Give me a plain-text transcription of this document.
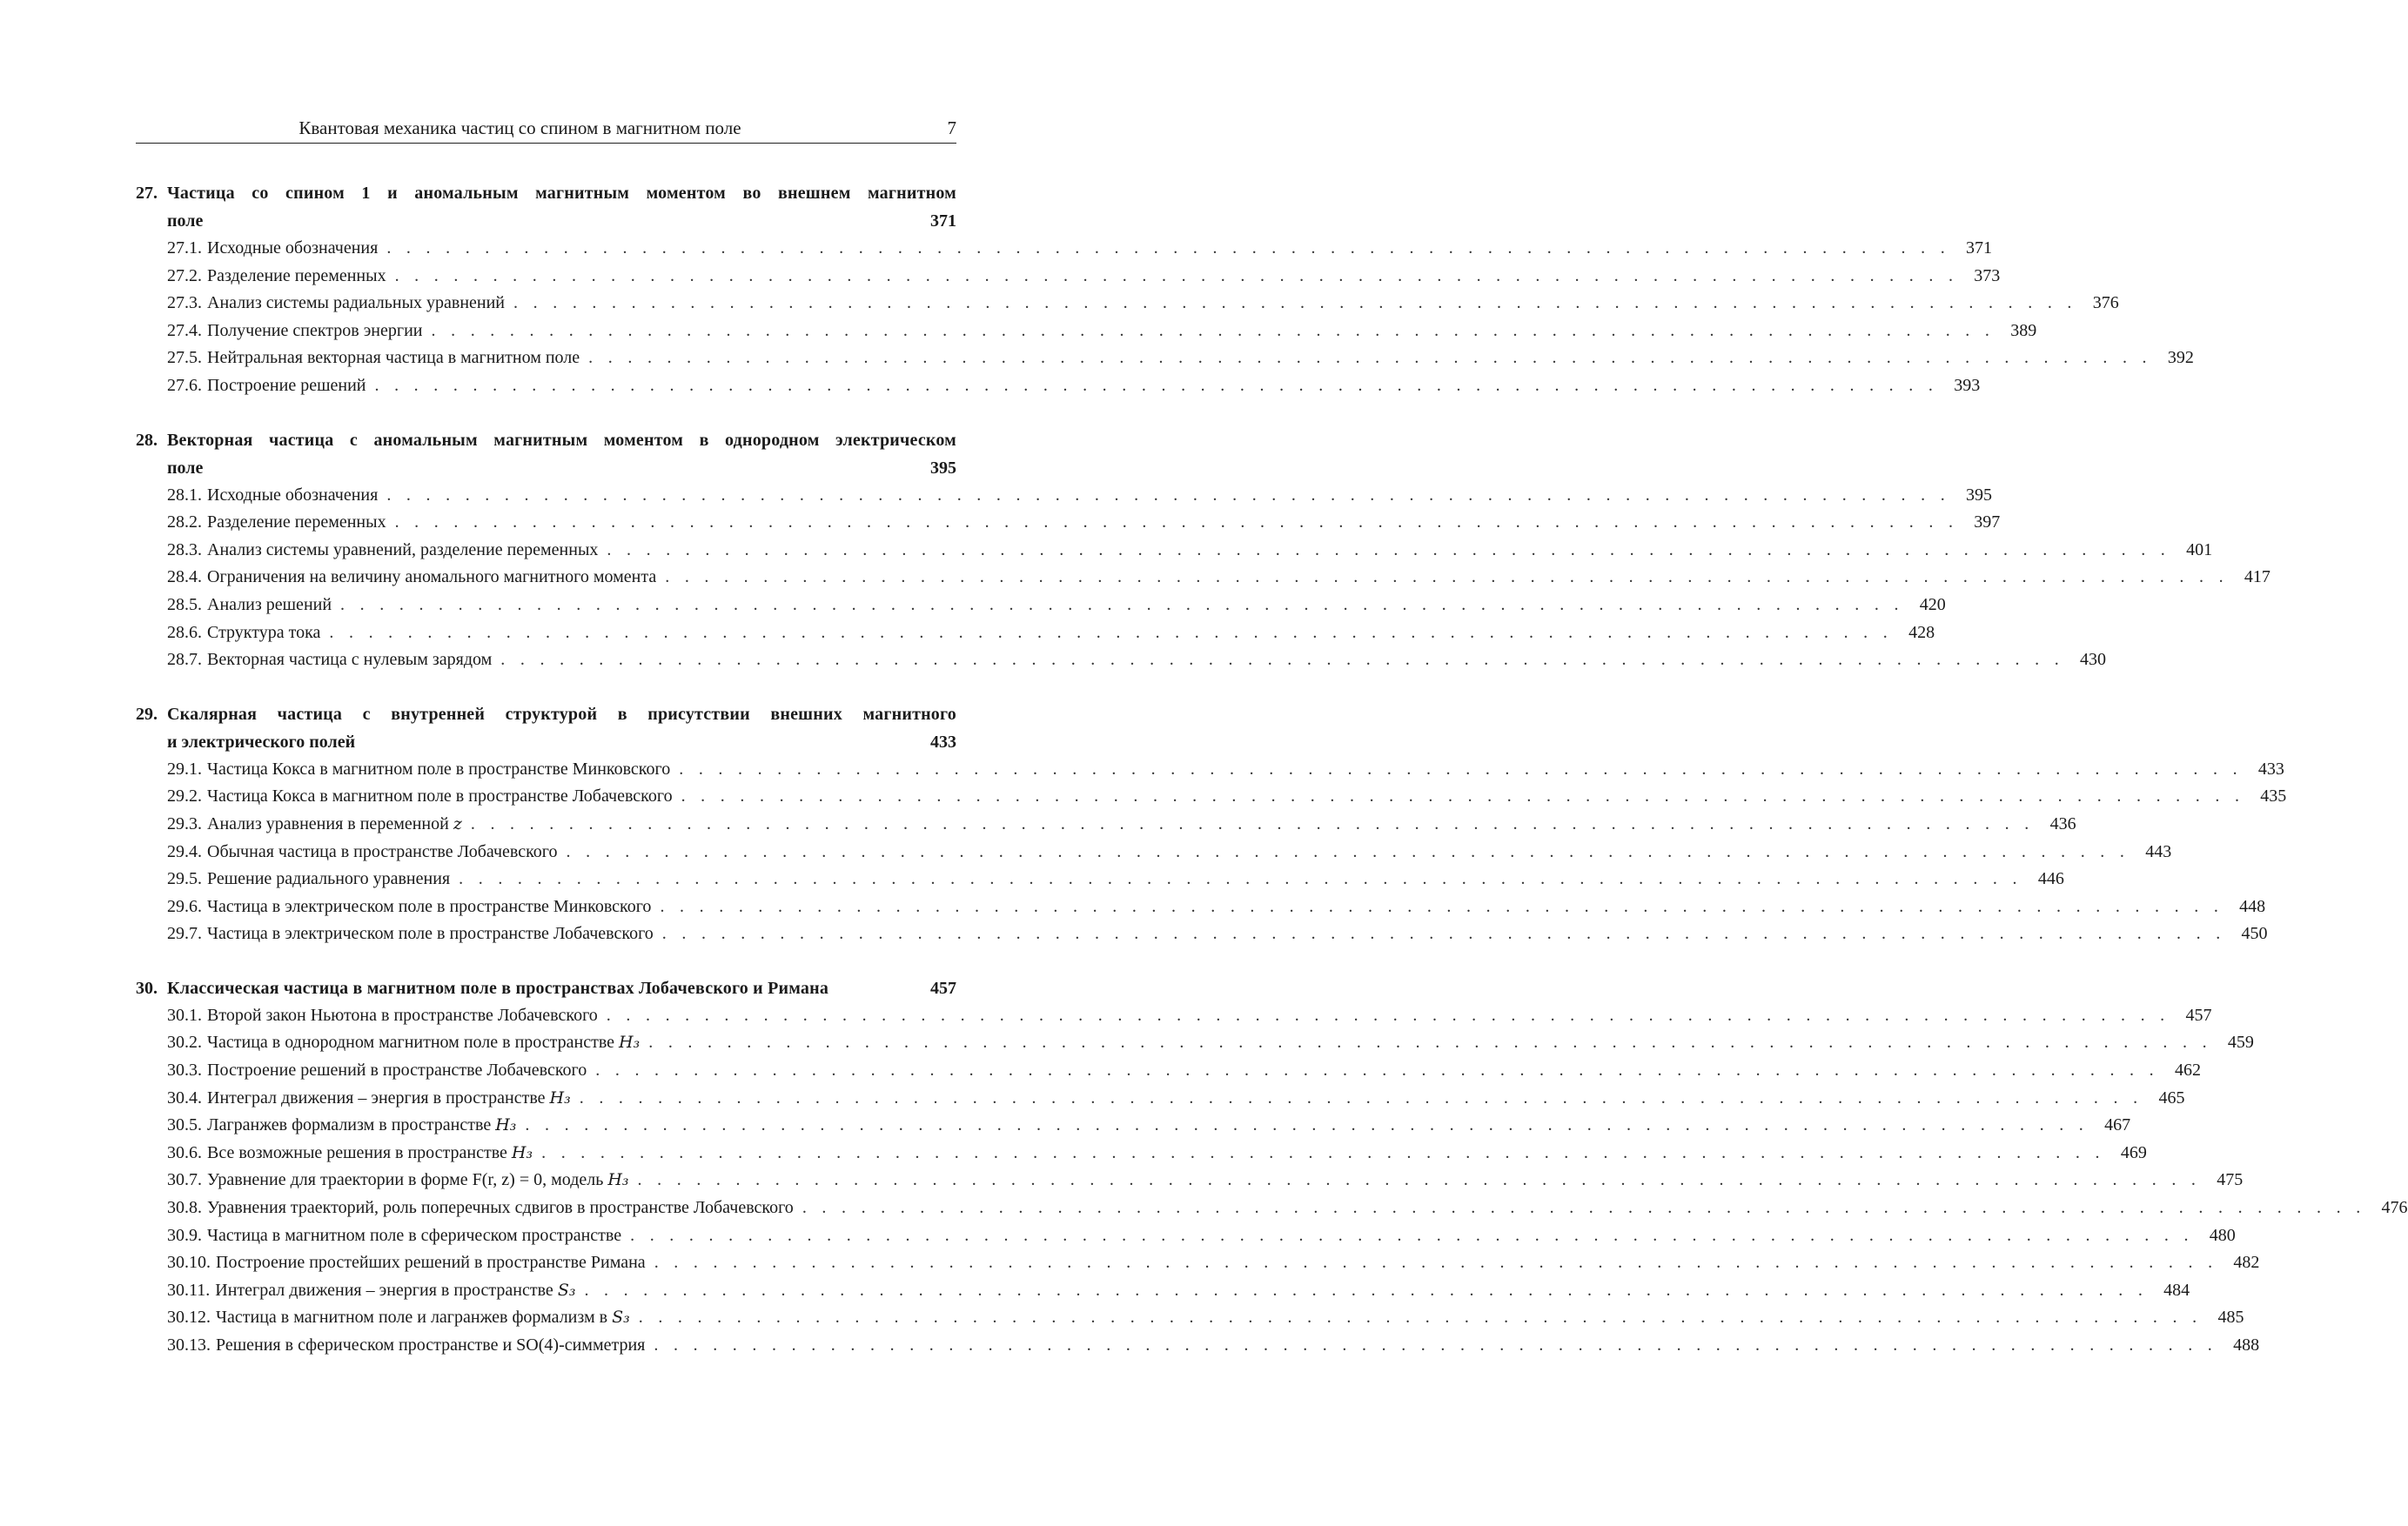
Квантовая механика частиц со спином в магнитном поле	7
27. Частица со спином 1 и аномальным магнитным моментом во внешнем магнитном
поле	371
27.1. Исходные обозначения . . . . . . . . . . . . . . . . . . . . . . . . . . . . . . . . . . . . . . . . . . . . . . . . . . . . . . . . . . . . . . . . . . . . . . . . . . . . . . . . 371
27.2. Разделение переменных . . . . . . . . . . . . . . . . . . . . . . . . . . . . . . . . . . . . . . . . . . . . . . . . . . . . . . . . . . . . . . . . . . . . . . . . . . . . . . . . 373
27.3. Анализ системы радиальных уравнений . . . . . . . . . . . . . . . . . . . . . . . . . . . . . . . . . . . . . . . . . . . . . . . . . . . . . . . . . . . . . . . . . . . . . . . . . . . . . . . . 376
27.4. Получение спектров энергии . . . . . . . . . . . . . . . . . . . . . . . . . . . . . . . . . . . . . . . . . . . . . . . . . . . . . . . . . . . . . . . . . . . . . . . . . . . . . . . . 389
27.5. Нейтральная векторная частица в магнитном поле . . . . . . . . . . . . . . . . . . . . . . . . . . . . . . . . . . . . . . . . . . . . . . . . . . . . . . . . . . . . . . . . . . . . . . . . . . . . . . . . 392
27.6. Построение решений . . . . . . . . . . . . . . . . . . . . . . . . . . . . . . . . . . . . . . . . . . . . . . . . . . . . . . . . . . . . . . . . . . . . . . . . . . . . . . . . 393
28. Векторная частица с аномальным магнитным моментом в однородном электрическом
поле	395
28.1. Исходные обозначения . . . . . . . . . . . . . . . . . . . . . . . . . . . . . . . . . . . . . . . . . . . . . . . . . . . . . . . . . . . . . . . . . . . . . . . . . . . . . . . . 395
28.2. Разделение переменных . . . . . . . . . . . . . . . . . . . . . . . . . . . . . . . . . . . . . . . . . . . . . . . . . . . . . . . . . . . . . . . . . . . . . . . . . . . . . . . . 397
28.3. Анализ системы уравнений, разделение переменных . . . . . . . . . . . . . . . . . . . . . . . . . . . . . . . . . . . . . . . . . . . . . . . . . . . . . . . . . . . . . . . . . . . . . . . . . . . . . . . . 401
28.4. Ограничения на величину аномального магнитного момента . . . . . . . . . . . . . . . . . . . . . . . . . . . . . . . . . . . . . . . . . . . . . . . . . . . . . . . . . . . . . . . . . . . . . . . . . . . . . . . . 417
28.5. Анализ решений . . . . . . . . . . . . . . . . . . . . . . . . . . . . . . . . . . . . . . . . . . . . . . . . . . . . . . . . . . . . . . . . . . . . . . . . . . . . . . . . 420
28.6. Структура тока . . . . . . . . . . . . . . . . . . . . . . . . . . . . . . . . . . . . . . . . . . . . . . . . . . . . . . . . . . . . . . . . . . . . . . . . . . . . . . . . 428
28.7. Векторная частица с нулевым зарядом . . . . . . . . . . . . . . . . . . . . . . . . . . . . . . . . . . . . . . . . . . . . . . . . . . . . . . . . . . . . . . . . . . . . . . . . . . . . . . . . 430
29. Скалярная частица с внутренней структурой в присутствии внешних магнитного
и электрического полей	433
29.1. Частица Кокса в магнитном поле в пространстве Минковского . . . . . . . . . . . . . . . . . . . . . . . . . . . . . . . . . . . . . . . . . . . . . . . . . . . . . . . . . . . . . . . . . . . . . . . . . . . . . . . . 433
29.2. Частица Кокса в магнитном поле в пространстве Лобачевского . . . . . . . . . . . . . . . . . . . . . . . . . . . . . . . . . . . . . . . . . . . . . . . . . . . . . . . . . . . . . . . . . . . . . . . . . . . . . . . . 435
29.3. Анализ уравнения в переменной z . . . . . . . . . . . . . . . . . . . . . . . . . . . . . . . . . . . . . . . . . . . . . . . . . . . . . . . . . . . . . . . . . . . . . . . . . . . . . . . . 436
29.4. Обычная частица в пространстве Лобачевского . . . . . . . . . . . . . . . . . . . . . . . . . . . . . . . . . . . . . . . . . . . . . . . . . . . . . . . . . . . . . . . . . . . . . . . . . . . . . . . . 443
29.5. Решение радиального уравнения . . . . . . . . . . . . . . . . . . . . . . . . . . . . . . . . . . . . . . . . . . . . . . . . . . . . . . . . . . . . . . . . . . . . . . . . . . . . . . . . 446
29.6. Частица в электрическом поле в пространстве Минковского . . . . . . . . . . . . . . . . . . . . . . . . . . . . . . . . . . . . . . . . . . . . . . . . . . . . . . . . . . . . . . . . . . . . . . . . . . . . . . . . 448
29.7. Частица в электрическом поле в пространстве Лобачевского . . . . . . . . . . . . . . . . . . . . . . . . . . . . . . . . . . . . . . . . . . . . . . . . . . . . . . . . . . . . . . . . . . . . . . . . . . . . . . . . 450
30. Классическая частица в магнитном поле в пространствах Лобачевского и Римана	457
30.1. Второй закон Ньютона в пространстве Лобачевского . . . . . . . . . . . . . . . . . . . . . . . . . . . . . . . . . . . . . . . . . . . . . . . . . . . . . . . . . . . . . . . . . . . . . . . . . . . . . . . . 457
30.2. Частица в однородном магнитном поле в пространстве H₃ . . . . . . . . . . . . . . . . . . . . . . . . . . . . . . . . . . . . . . . . . . . . . . . . . . . . . . . . . . . . . . . . . . . . . . . . . . . . . . . . 459
30.3. Построение решений в пространстве Лобачевского . . . . . . . . . . . . . . . . . . . . . . . . . . . . . . . . . . . . . . . . . . . . . . . . . . . . . . . . . . . . . . . . . . . . . . . . . . . . . . . . 462
30.4. Интеграл движения – энергия в пространстве H₃ . . . . . . . . . . . . . . . . . . . . . . . . . . . . . . . . . . . . . . . . . . . . . . . . . . . . . . . . . . . . . . . . . . . . . . . . . . . . . . . . 465
30.5. Лагранжев формализм в пространстве H₃ . . . . . . . . . . . . . . . . . . . . . . . . . . . . . . . . . . . . . . . . . . . . . . . . . . . . . . . . . . . . . . . . . . . . . . . . . . . . . . . . 467
30.6. Все возможные решения в пространстве H₃ . . . . . . . . . . . . . . . . . . . . . . . . . . . . . . . . . . . . . . . . . . . . . . . . . . . . . . . . . . . . . . . . . . . . . . . . . . . . . . . . 469
30.7. Уравнение для траектории в форме F(r, z) = 0, модель H₃ . . . . . . . . . . . . . . . . . . . . . . . . . . . . . . . . . . . . . . . . . . . . . . . . . . . . . . . . . . . . . . . . . . . . . . . . . . . . . . . . 475
30.8. Уравнения траекторий, роль поперечных сдвигов в пространстве Лобачевского . . . . . . . . . . . . . . . . . . . . . . . . . . . . . . . . . . . . . . . . . . . . . . . . . . . . . . . . . . . . . . . . . . . . . . . . . . . . . . . . 476
30.9. Частица в магнитном поле в сферическом пространстве . . . . . . . . . . . . . . . . . . . . . . . . . . . . . . . . . . . . . . . . . . . . . . . . . . . . . . . . . . . . . . . . . . . . . . . . . . . . . . . . 480
30.10. Построение простейших решений в пространстве Римана . . . . . . . . . . . . . . . . . . . . . . . . . . . . . . . . . . . . . . . . . . . . . . . . . . . . . . . . . . . . . . . . . . . . . . . . . . . . . . . . 482
30.11. Интеграл движения – энергия в пространстве S₃ . . . . . . . . . . . . . . . . . . . . . . . . . . . . . . . . . . . . . . . . . . . . . . . . . . . . . . . . . . . . . . . . . . . . . . . . . . . . . . . . 484
30.12. Частица в магнитном поле и лагранжев формализм в S₃ . . . . . . . . . . . . . . . . . . . . . . . . . . . . . . . . . . . . . . . . . . . . . . . . . . . . . . . . . . . . . . . . . . . . . . . . . . . . . . . . 485
30.13. Решения в сферическом пространстве и SO(4)-симметрия . . . . . . . . . . . . . . . . . . . . . . . . . . . . . . . . . . . . . . . . . . . . . . . . . . . . . . . . . . . . . . . . . . . . . . . . . . . . . . . . 488
